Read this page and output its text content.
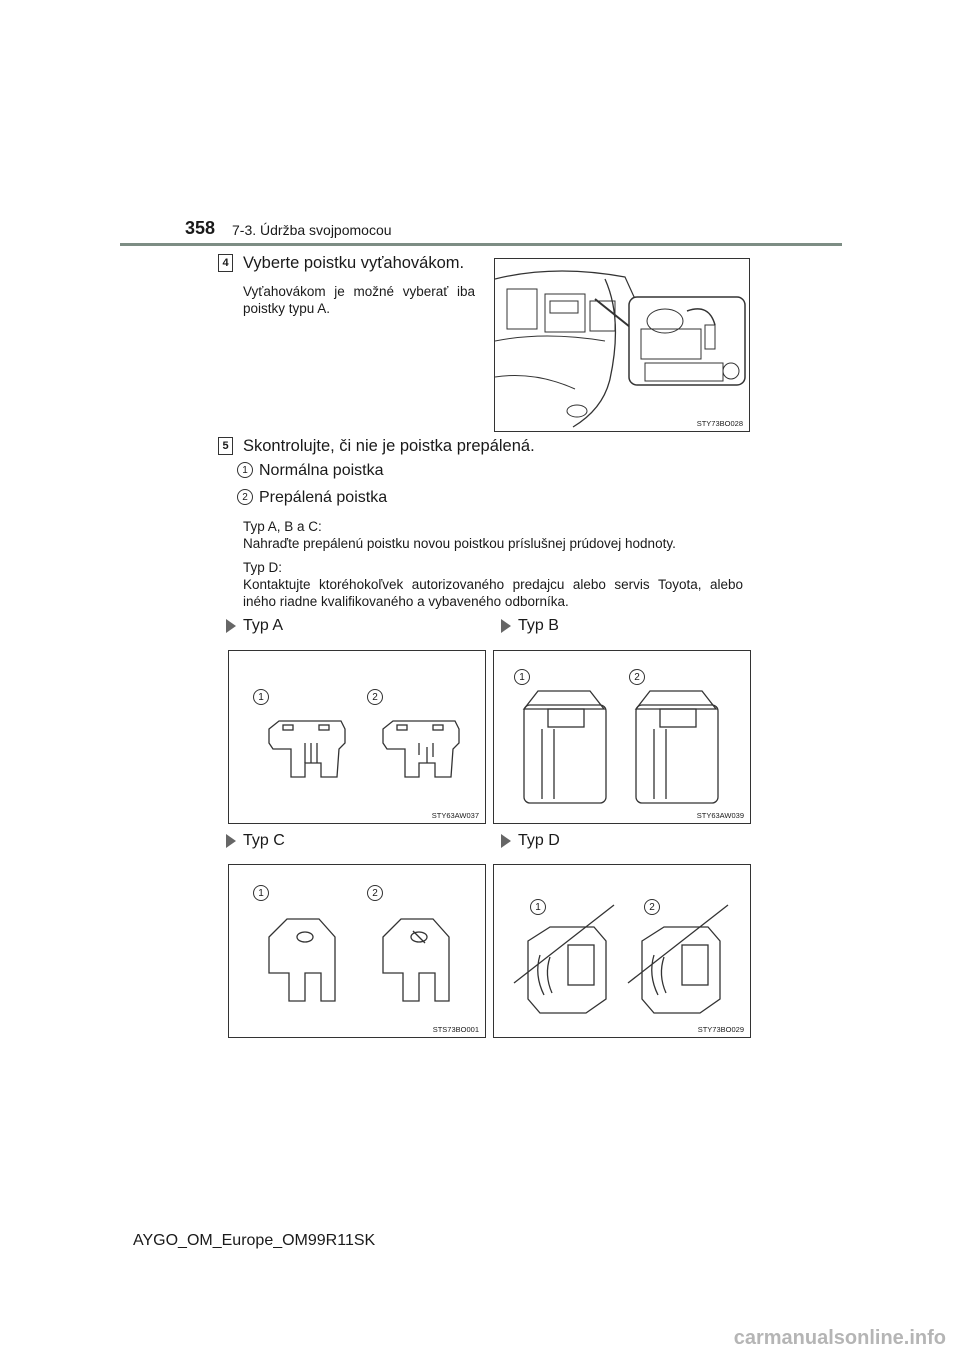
358 7-3. Údržba svojpomocou
4 Vyberte poistku vyťahovákom.
Vyťahovákom je možné vyberať iba poistky typu A.
STY73BO028
5 Skontrolujte, či nie je poistka prepálená.
1 Normálna poistka
2 Prepálená poistka
Typ A, B a C:
Nahraďte prepálenú poistku novou poistkou príslušnej prúdovej hodnoty.
Typ D:
Kontaktujte ktoréhokoľvek autorizovaného predajcu alebo servis Toyota, alebo iného riadne kvalifikovaného a vybaveného odborníka.
Typ A	Typ B
1	2
STY63AW037
1	2
STY63AW039
Typ C	Typ D
1	2
STS73BO001
1	2
STY73BO029
AYGO_OM_Europe_OM99R11SK
carmanualsonline.info
